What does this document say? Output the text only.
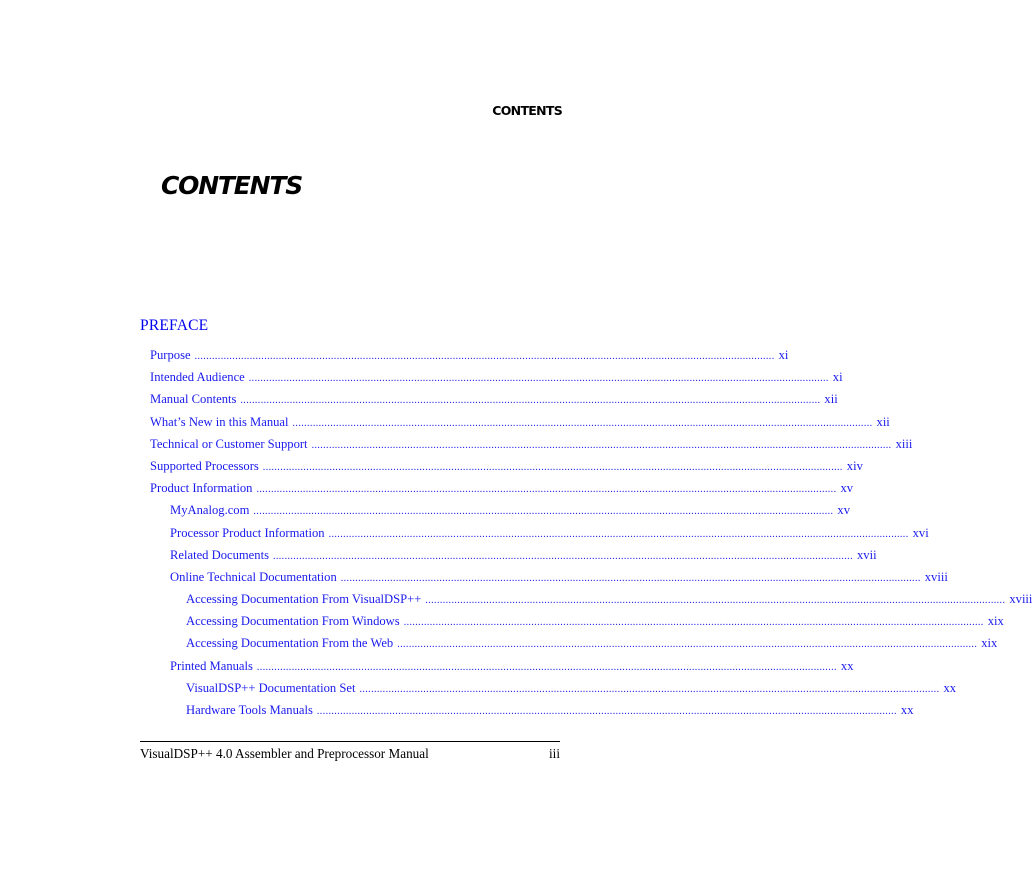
CONTENTS
CONTENTS
PREFACE
Purpose ........................................................................................................................................................................................................ xi
Intended Audience ........................................................................................................................................................................................................ xi
Manual Contents ........................................................................................................................................................................................................ xii
What’s New in this Manual ........................................................................................................................................................................................................ xii
Technical or Customer Support ........................................................................................................................................................................................................ xiii
Supported Processors ........................................................................................................................................................................................................ xiv
Product Information ........................................................................................................................................................................................................ xv
MyAnalog.com ........................................................................................................................................................................................................ xv
Processor Product Information ........................................................................................................................................................................................................ xvi
Related Documents ........................................................................................................................................................................................................ xvii
Online Technical Documentation ........................................................................................................................................................................................................ xviii
Accessing Documentation From VisualDSP++ ........................................................................................................................................................................................................ xviii
Accessing Documentation From Windows ........................................................................................................................................................................................................ xix
Accessing Documentation From the Web ........................................................................................................................................................................................................ xix
Printed Manuals ........................................................................................................................................................................................................ xx
VisualDSP++ Documentation Set ........................................................................................................................................................................................................ xx
Hardware Tools Manuals ........................................................................................................................................................................................................ xx
VisualDSP++ 4.0 Assembler and Preprocessor Manual	iii
